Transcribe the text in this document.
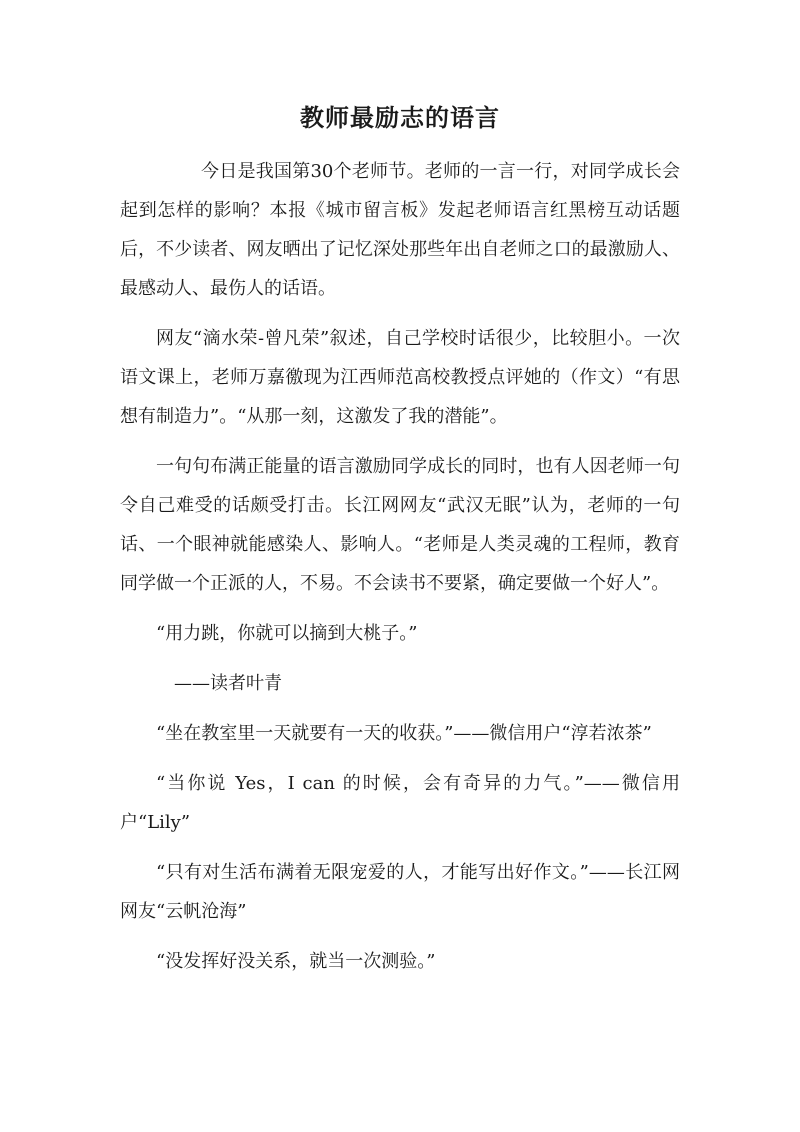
教师最励志的语言

今日是我国第30个老师节。老师的一言一行，对同学成长会起到怎样的影响？本报《城市留言板》发起老师语言红黑榜互动话题后，不少读者、网友晒出了记忆深处那些年出自老师之口的最激励人、最感动人、最伤人的话语。

网友“滴水荣-曾凡荣”叙述，自己学校时话很少，比较胆小。一次语文课上，老师万嘉徼现为江西师范高校教授点评她的（作文）“有思想有制造力”。“从那一刻，这激发了我的潜能”。

一句句布满正能量的语言激励同学成长的同时，也有人因老师一句令自己难受的话颇受打击。长江网网友“武汉无眠”认为，老师的一句话、一个眼神就能感染人、影响人。“老师是人类灵魂的工程师，教育同学做一个正派的人，不易。不会读书不要紧，确定要做一个好人”。

“用力跳，你就可以摘到大桃子。”

——读者叶青

“坐在教室里一天就要有一天的收获。”——微信用户“淳若浓茶”

“当你说 Yes，I can 的时候，会有奇异的力气。”——微信用户“Lily”

“只有对生活布满着无限宠爱的人，才能写出好作文。”——长江网网友“云帆沧海”

“没发挥好没关系，就当一次测验。”
